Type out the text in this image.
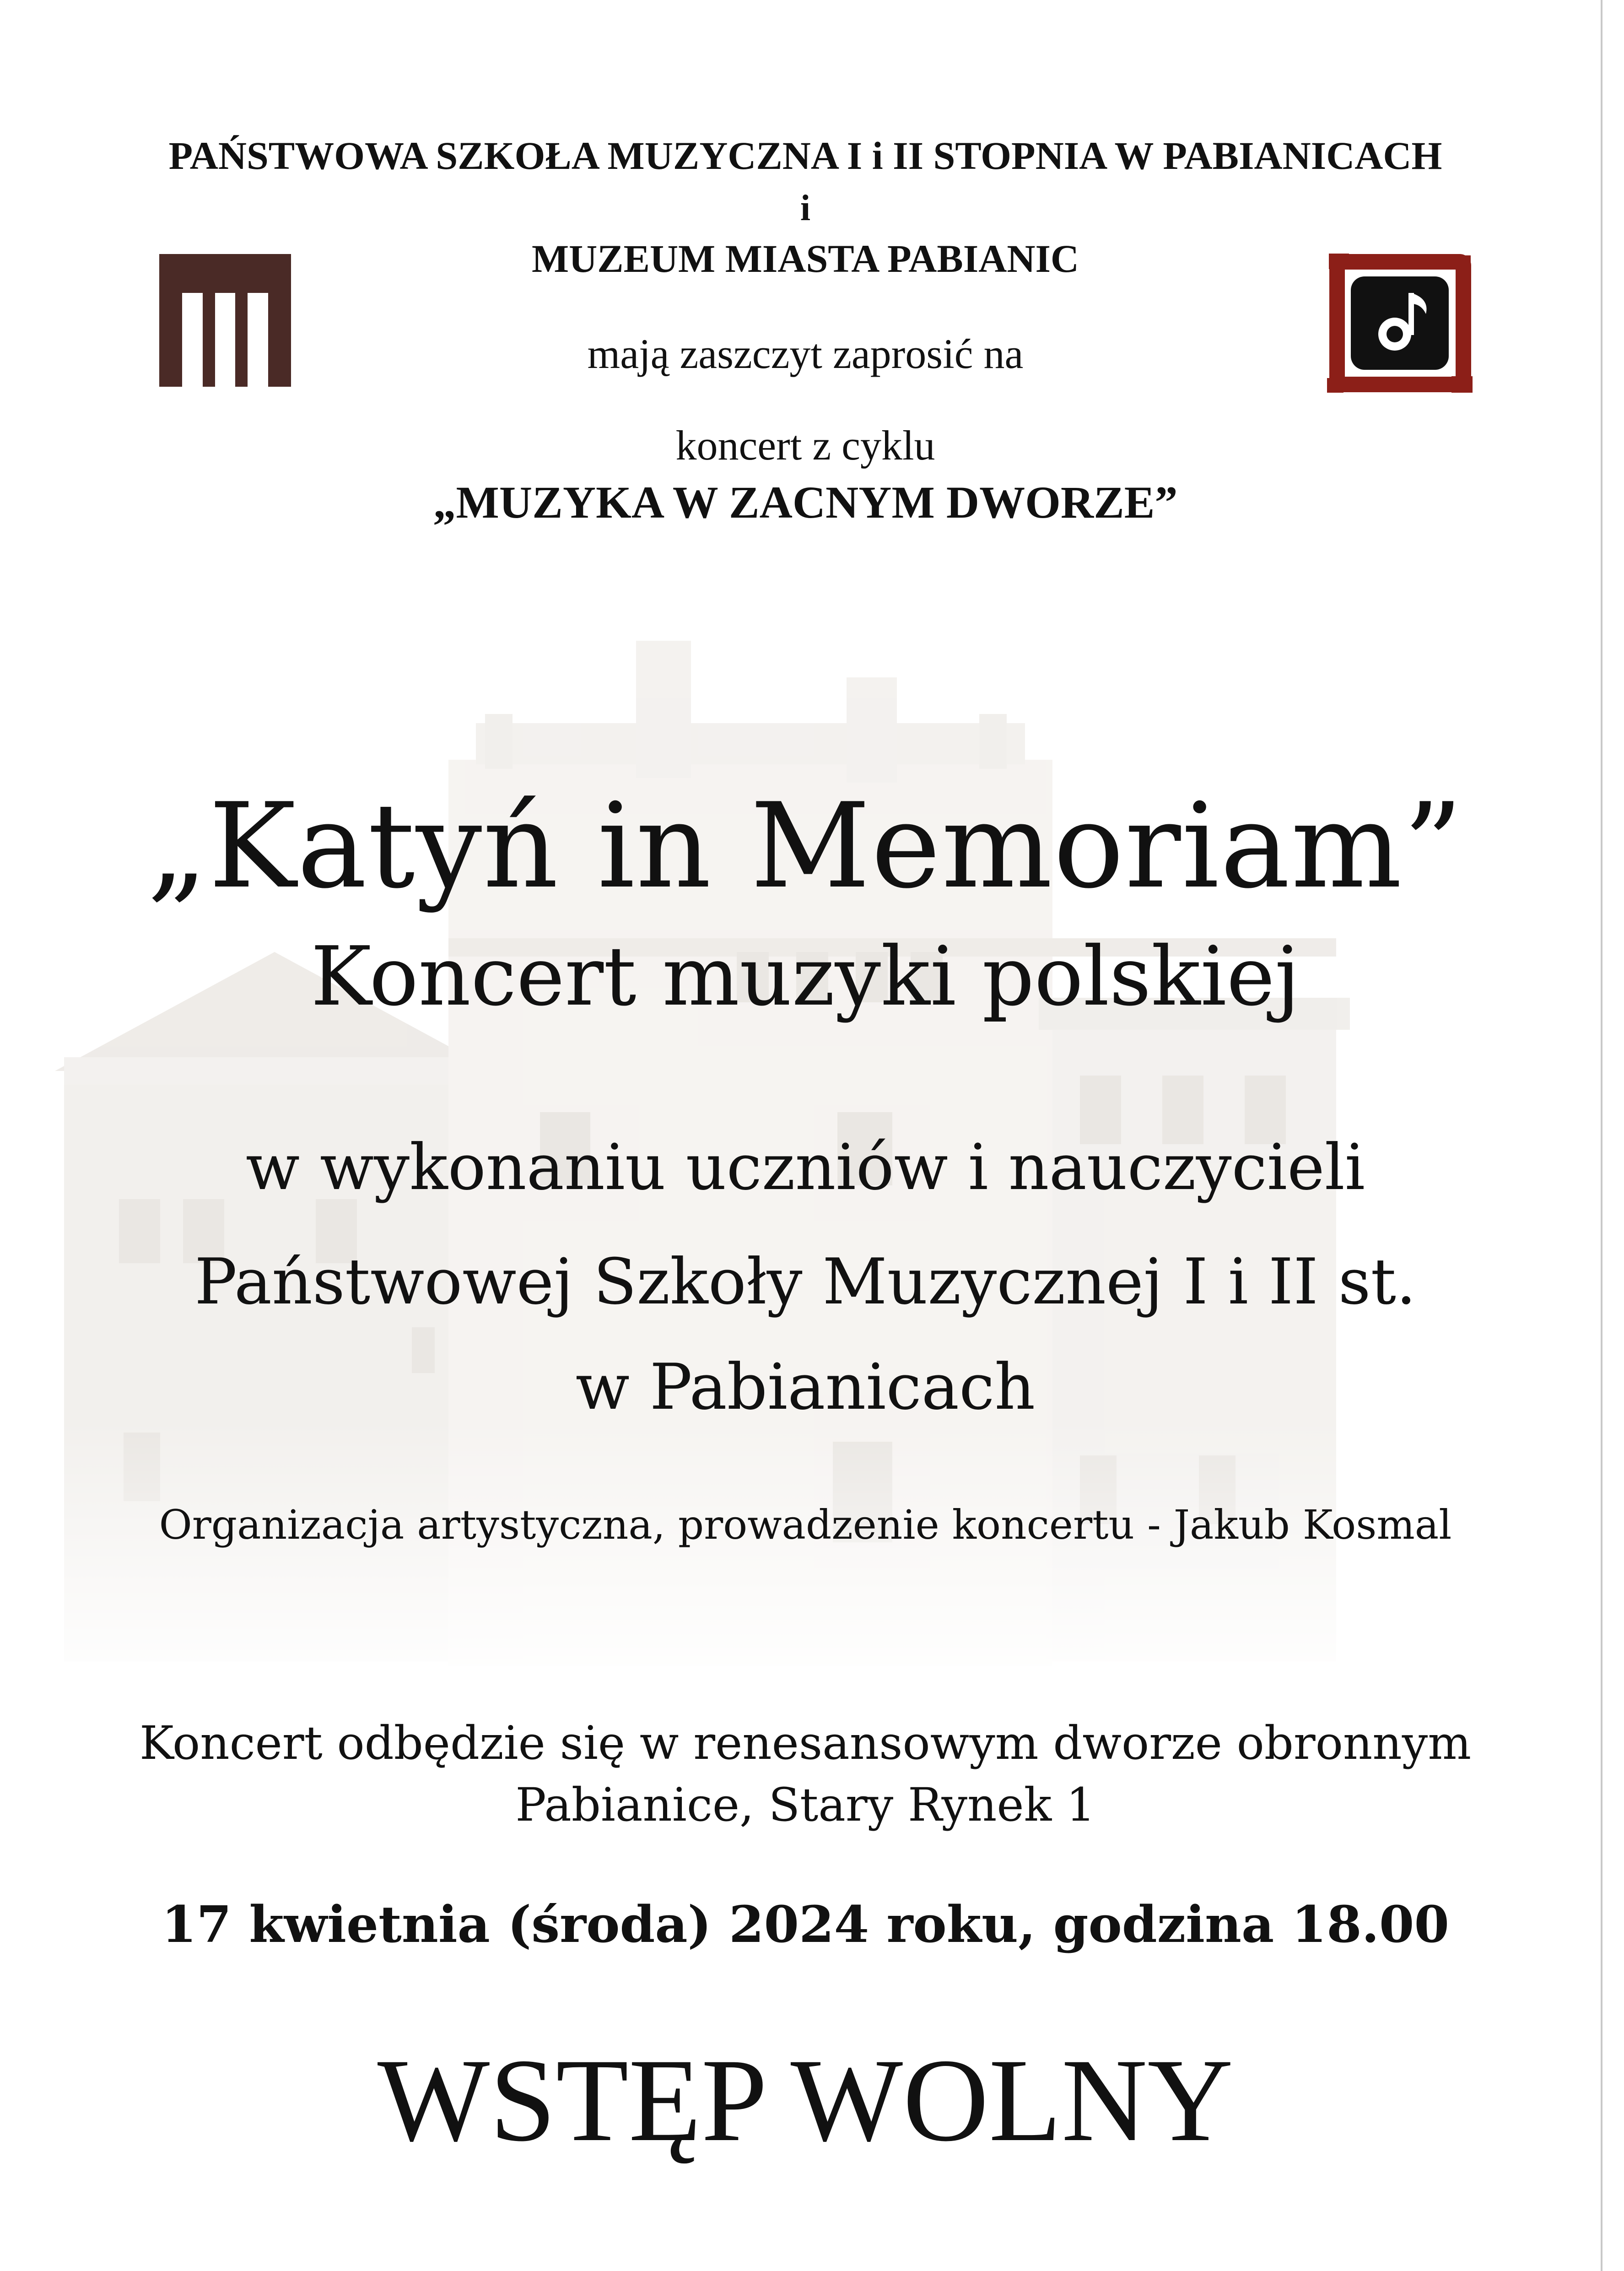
PAŃSTWOWA SZKOŁA MUZYCZNA I i II STOPNIA W PABIANICACH
i
MUZEUM MIASTA PABIANIC
mają zaszczyt zaprosić na
koncert z cyklu
„MUZYKA W ZACNYM DWORZE”
„Katyń in Memoriam”
Koncert muzyki polskiej
w wykonaniu uczniów i nauczycieli
Państwowej Szkoły Muzycznej I i II st.
w Pabianicach
Organizacja artystyczna, prowadzenie koncertu - Jakub Kosmal
Koncert odbędzie się w renesansowym dworze obronnym
Pabianice, Stary Rynek 1
17 kwietnia (środa) 2024 roku, godzina 18.00
WSTĘP WOLNY
